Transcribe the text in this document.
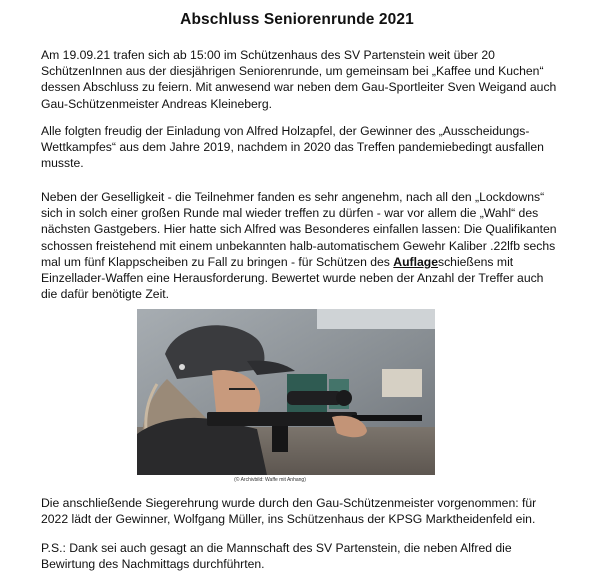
Abschluss Seniorenrunde 2021

Am 19.09.21 trafen sich ab 15:00 im Schützenhaus des SV Partenstein weit über 20 SchützenInnen aus der diesjährigen Seniorenrunde, um gemeinsam bei „Kaffee und Kuchen“ dessen Abschluss zu feiern. Mit anwesend war neben dem Gau-Sportleiter Sven Weigand auch Gau-Schützenmeister Andreas Kleineberg.

Alle folgten freudig der Einladung von Alfred Holzapfel, der Gewinner des „Ausscheidungs-Wettkampfes“ aus dem Jahre 2019, nachdem in 2020 das Treffen pandemiebedingt ausfallen musste.

Neben der Geselligkeit - die Teilnehmer fanden es sehr angenehm, nach all den „Lockdowns“ sich in solch einer großen Runde mal wieder treffen zu dürfen - war vor allem die „Wahl“ des nächsten Gastgebers. Hier hatte sich Alfred was Besonderes einfallen lassen: Die Qualifikanten schossen freistehend mit einem unbekannten halb-automatischem Gewehr Kaliber .22lfb sechs mal um fünf Klappscheiben zu Fall zu bringen - für Schützen des Auflageschießens mit Einzellader-Waffen eine Herausforderung. Bewertet wurde neben der Anzahl der Treffer auch die dafür benötigte Zeit.

(© Archivbild: Waffe mit Anhang)

Die anschließende Siegerehrung wurde durch den Gau-Schützenmeister vorgenommen: für 2022 lädt der Gewinner, Wolfgang Müller, ins Schützenhaus der KPSG Marktheidenfeld ein.

P.S.: Dank sei auch gesagt an die Mannschaft des SV Partenstein, die neben Alfred die Bewirtung des Nachmittags durchführten.
